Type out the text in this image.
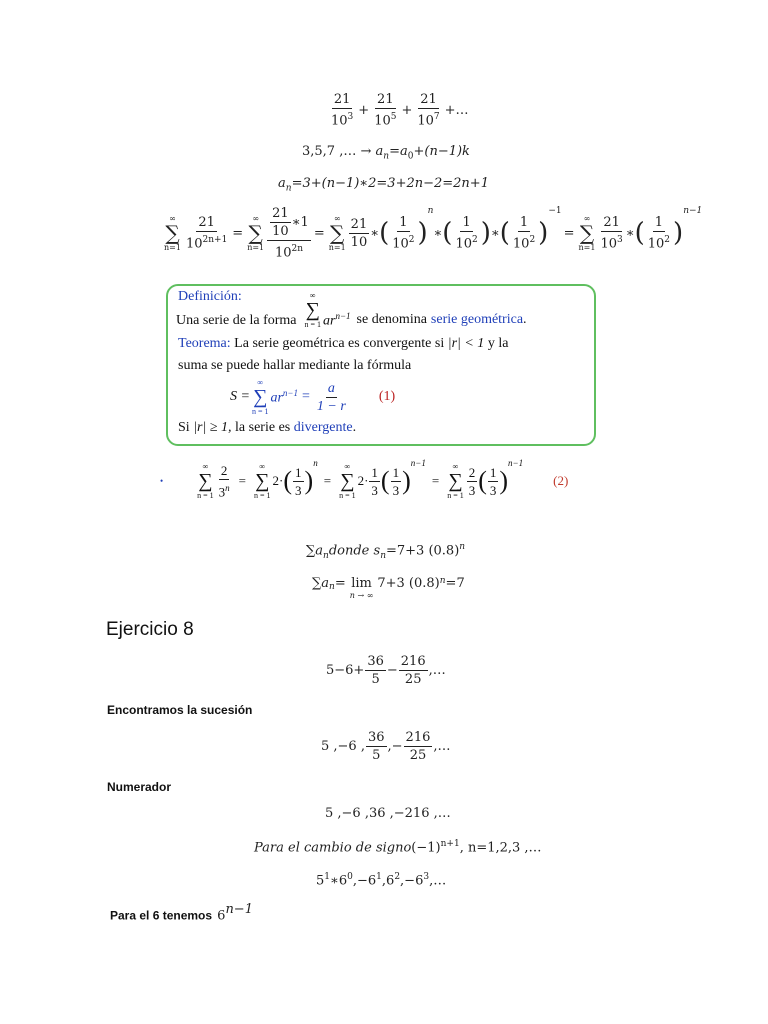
$\frac{21}{10^3} + \frac{21}{10^5} + \frac{21}{10^7}$ +…
3,5,7 ,… → $a_n=a_0+(n-1)k$
$a_n=3+(n-1)∗2=3+2n-2=2n+1$
∞
∑
$n=1 \frac{21}{10^{2n+1}}$ =
∞
∑
$n=1 \frac{\frac{21}{10} ∗1}{10^{2n}}$ =
∞
∑
$n=1 \frac{21}{10}$ ∗ ( $\frac{1}{10^2}$ )
n
∗ ( $\frac{1}{10^2}$ ) ∗ ( $\frac{1}{10^2}$ )
−1
=
∞
∑
$n=1 \frac{21}{10^3}$ ∗ ( $\frac{1}{10^2}$ )
n−1
Definición:
Una serie de la forma
∞
∑
n = 1 $ar^{n-1}$ se denomina serie geométrica .
Teorema: La serie geométrica es convergente si |r| < 1 y la
suma se puede hallar mediante la fórmula
S =
∞
∑
n = 1
$ar^{n-1} = \frac{a}{1 - r} (1)$
Si |r| ≥ 1, la serie es divergente.
•
∞
∑
$n = 1 \frac{2}{3^n}$ =
∞
∑
n = 1
2 · ( $\frac{1}{3}$ )
n
=
∞
∑
n = 1
$2 \cdot \frac{1}{3}$ ( $\frac{1}{3}$ )
n−1
=
∞
∑
$n = 1 \frac{2}{3}$ ( $\frac{1}{3}$ )
n−1
(2)
$\sum a_ndonde$ $s_n=7+3$ $(0.8)^n$
∑ $a_n = \lim$
n → ∞
7+3 (0.8) n =7
Ejercicio 8
$5-6+ \frac{36}{5} - \frac{216}{25}$ ,…
Encontramos la sucesión
5 ,−6 , $\frac{36}{5}$ ,− $\frac{216}{25}$ ,…
Numerador
5 ,−6 ,36 ,−216 ,…
Para el cambio de $signo(-1)^{n+1}$, n=1,2,3 ,…
$5^1∗6^0,-6^1,6^2,-6^3,\dots$
Para el 6 tenemos $6^{n-1}$
